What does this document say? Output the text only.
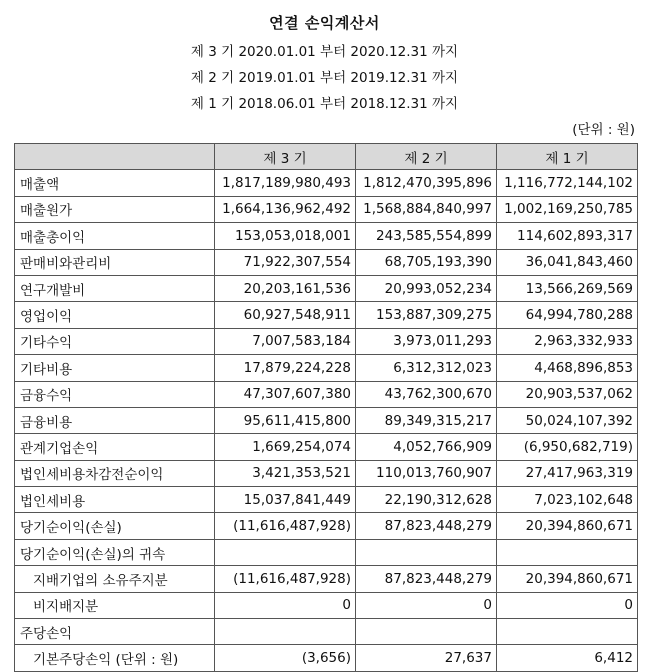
연결 손익계산서
제 3 기 2020.01.01 부터 2020.12.31 까지
제 2 기 2019.01.01 부터 2019.12.31 까지
제 1 기 2018.06.01 부터 2018.12.31 까지
(단위 : 원)
	제 3 기	제 2 기	제 1 기
매출액	1,817,189,980,493	1,812,470,395,896	1,116,772,144,102
매출원가	1,664,136,962,492	1,568,884,840,997	1,002,169,250,785
매출총이익	153,053,018,001	243,585,554,899	114,602,893,317
판매비와관리비	71,922,307,554	68,705,193,390	36,041,843,460
연구개발비	20,203,161,536	20,993,052,234	13,566,269,569
영업이익	60,927,548,911	153,887,309,275	64,994,780,288
기타수익	7,007,583,184	3,973,011,293	2,963,332,933
기타비용	17,879,224,228	6,312,312,023	4,468,896,853
금융수익	47,307,607,380	43,762,300,670	20,903,537,062
금융비용	95,611,415,800	89,349,315,217	50,024,107,392
관계기업손익	1,669,254,074	4,052,766,909	(6,950,682,719)
법인세비용차감전순이익	3,421,353,521	110,013,760,907	27,417,963,319
법인세비용	15,037,841,449	22,190,312,628	7,023,102,648
당기순이익(손실)	(11,616,487,928)	87,823,448,279	20,394,860,671
당기순이익(손실)의 귀속			
지배기업의 소유주지분	(11,616,487,928)	87,823,448,279	20,394,860,671
비지배지분	0	0	0
주당손익			
기본주당손익 (단위 : 원)	(3,656)	27,637	6,412
